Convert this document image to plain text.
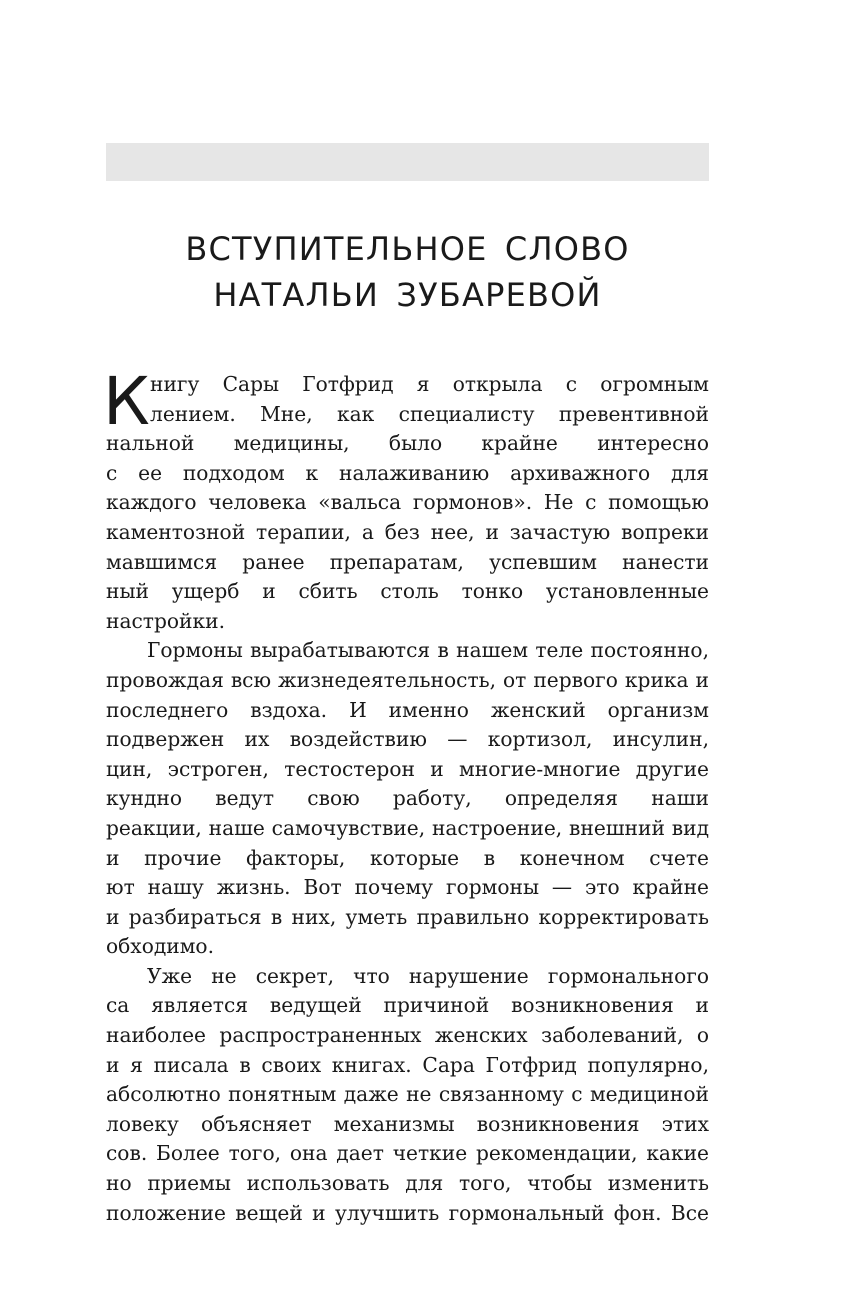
ВСТУПИТЕЛЬНОЕ СЛОВО
НАТАЛЬИ ЗУБАРЕВОЙ
К нигу Сары Готфрид я открыла с огромным
лением. Мне, как специалисту превентивной
нальной медицины, было крайне интересно
с ее подходом к налаживанию архиважного для
каждого человека «вальса гормонов». Не с помощью
каментозной терапии, а без нее, и зачастую вопреки
мавшимся ранее препаратам, успевшим нанести
ный ущерб и сбить столь тонко установленные
настройки.
Гормоны вырабатываются в нашем теле постоянно,
провождая всю жизнедеятельность, от первого крика и
последнего вздоха. И именно женский организм
подвержен их воздействию — кортизол, инсулин,
цин, эстроген, тестостерон и многие-многие другие
кундно ведут свою работу, определяя наши
реакции, наше самочувствие, настроение, внешний вид
и прочие факторы, которые в конечном счете
ют нашу жизнь. Вот почему гормоны — это крайне
и разбираться в них, уметь правильно корректировать
обходимо.
Уже не секрет, что нарушение гормонального
са является ведущей причиной возникновения и
наиболее распространенных женских заболеваний, о
и я писала в своих книгах. Сара Готфрид популярно,
абсолютно понятным даже не связанному с медициной
ловеку объясняет механизмы возникновения этих
сов. Более того, она дает четкие рекомендации, какие
но приемы использовать для того, чтобы изменить
положение вещей и улучшить гормональный фон. Все
